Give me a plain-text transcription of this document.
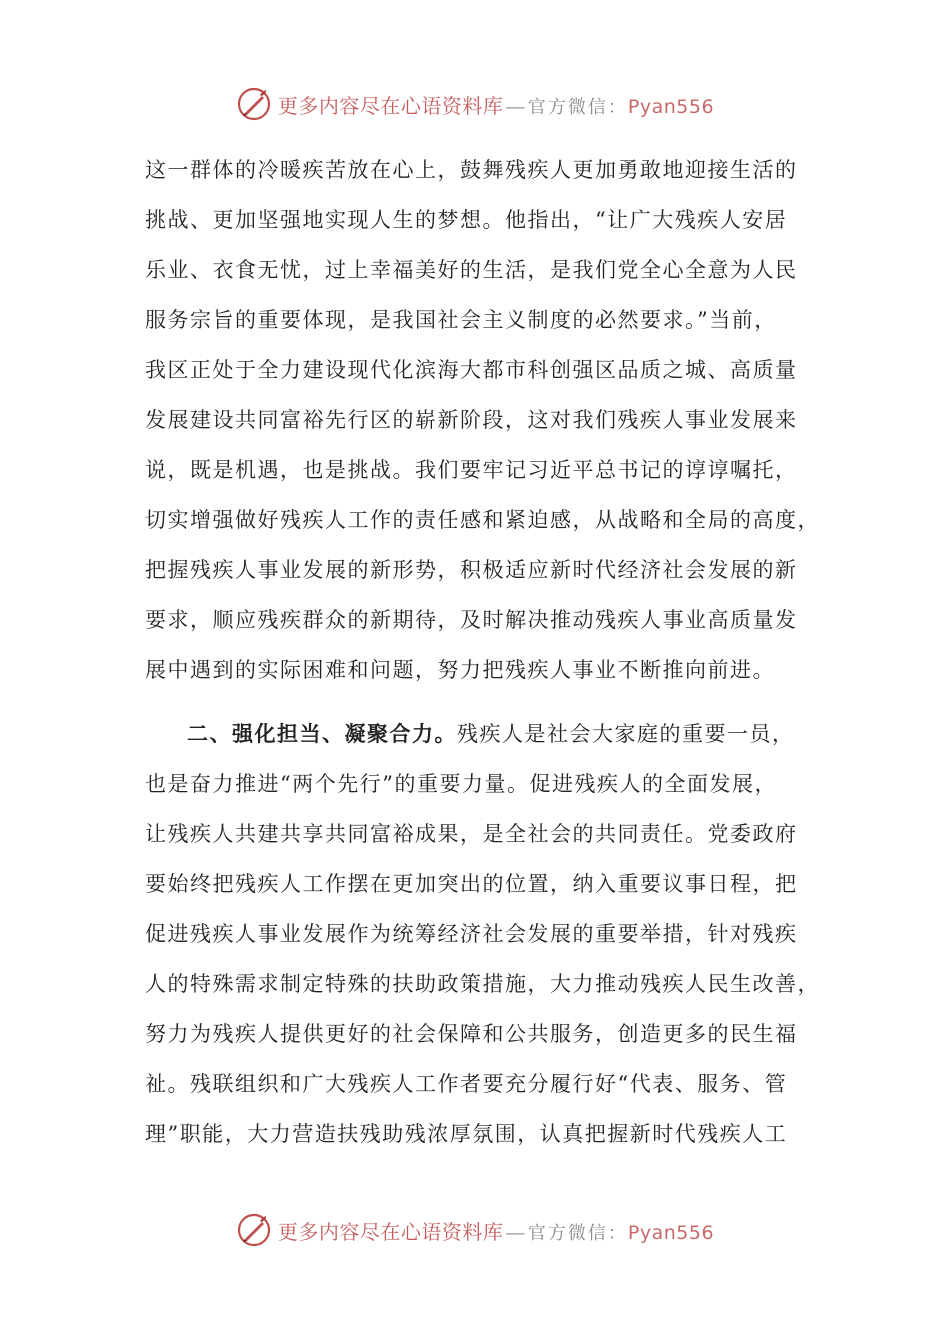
更多内容尽在心语资料库 — 官方微信：Pyan556
这一群体的冷暖疾苦放在心上，鼓舞残疾人更加勇敢地迎接生活的
挑战、更加坚强地实现人生的梦想。他指出，“让广大残疾人安居
乐业、衣食无忧，过上幸福美好的生活，是我们党全心全意为人民
服务宗旨的重要体现，是我国社会主义制度的必然要求。”当前，
我区正处于全力建设现代化滨海大都市科创强区品质之城、高质量
发展建设共同富裕先行区的崭新阶段，这对我们残疾人事业发展来
说，既是机遇，也是挑战。我们要牢记习近平总书记的谆谆嘱托，
切实增强做好残疾人工作的责任感和紧迫感，从战略和全局的高度，
把握残疾人事业发展的新形势，积极适应新时代经济社会发展的新
要求，顺应残疾群众的新期待，及时解决推动残疾人事业高质量发
展中遇到的实际困难和问题，努力把残疾人事业不断推向前进。
二、强化担当、凝聚合力。残疾人是社会大家庭的重要一员，
也是奋力推进“两个先行”的重要力量。促进残疾人的全面发展，
让残疾人共建共享共同富裕成果，是全社会的共同责任。党委政府
要始终把残疾人工作摆在更加突出的位置，纳入重要议事日程，把
促进残疾人事业发展作为统筹经济社会发展的重要举措，针对残疾
人的特殊需求制定特殊的扶助政策措施，大力推动残疾人民生改善，
努力为残疾人提供更好的社会保障和公共服务，创造更多的民生福
祉。残联组织和广大残疾人工作者要充分履行好“代表、服务、管
理”职能，大力营造扶残助残浓厚氛围，认真把握新时代残疾人工
更多内容尽在心语资料库 — 官方微信：Pyan556
